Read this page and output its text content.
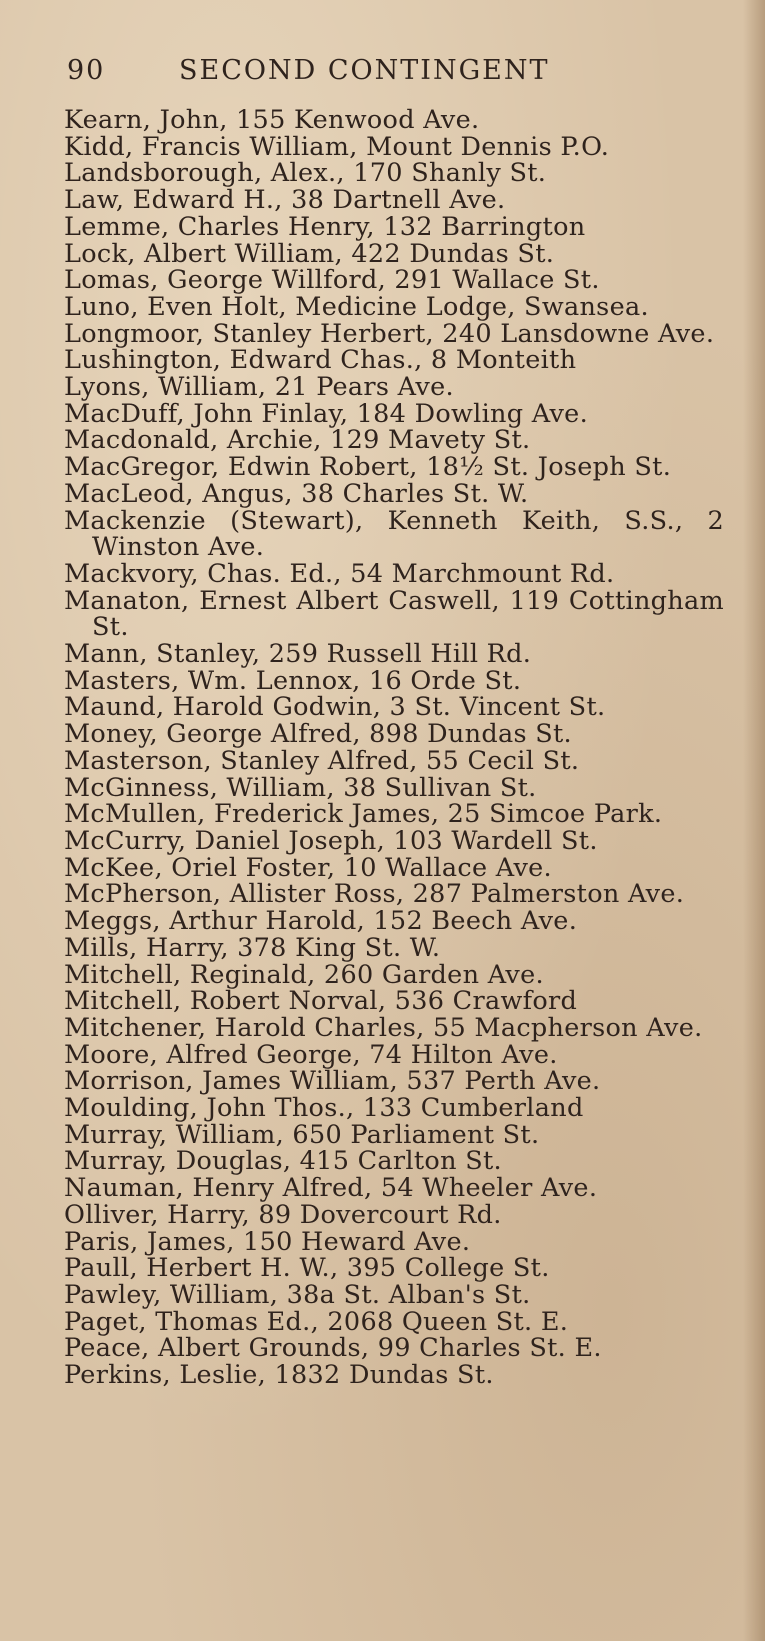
90	SECOND CONTINGENT
Kearn, John, 155 Kenwood Ave.
Kidd, Francis William, Mount Dennis P.O.
Landsborough, Alex., 170 Shanly St.
Law, Edward H., 38 Dartnell Ave.
Lemme, Charles Henry, 132 Barrington
Lock, Albert William, 422 Dundas St.
Lomas, George Willford, 291 Wallace St.
Luno, Even Holt, Medicine Lodge, Swansea.
Longmoor, Stanley Herbert, 240 Lansdowne Ave.
Lushington, Edward Chas., 8 Monteith
Lyons, William, 21 Pears Ave.
MacDuff, John Finlay, 184 Dowling Ave.
Macdonald, Archie, 129 Mavety St.
MacGregor, Edwin Robert, 18½ St. Joseph St.
MacLeod, Angus, 38 Charles St. W.
Mackenzie (Stewart), Kenneth Keith, S.S., 2 Winston Ave.
Mackvory, Chas. Ed., 54 Marchmount Rd.
Manaton, Ernest Albert Caswell, 119 Cottingham St.
Mann, Stanley, 259 Russell Hill Rd.
Masters, Wm. Lennox, 16 Orde St.
Maund, Harold Godwin, 3 St. Vincent St.
Money, George Alfred, 898 Dundas St.
Masterson, Stanley Alfred, 55 Cecil St.
McGinness, William, 38 Sullivan St.
McMullen, Frederick James, 25 Simcoe Park.
McCurry, Daniel Joseph, 103 Wardell St.
McKee, Oriel Foster, 10 Wallace Ave.
McPherson, Allister Ross, 287 Palmerston Ave.
Meggs, Arthur Harold, 152 Beech Ave.
Mills, Harry, 378 King St. W.
Mitchell, Reginald, 260 Garden Ave.
Mitchell, Robert Norval, 536 Crawford
Mitchener, Harold Charles, 55 Macpherson Ave.
Moore, Alfred George, 74 Hilton Ave.
Morrison, James William, 537 Perth Ave.
Moulding, John Thos., 133 Cumberland
Murray, William, 650 Parliament St.
Murray, Douglas, 415 Carlton St.
Nauman, Henry Alfred, 54 Wheeler Ave.
Olliver, Harry, 89 Dovercourt Rd.
Paris, James, 150 Heward Ave.
Paull, Herbert H. W., 395 College St.
Pawley, William, 38a St. Alban's St.
Paget, Thomas Ed., 2068 Queen St. E.
Peace, Albert Grounds, 99 Charles St. E.
Perkins, Leslie, 1832 Dundas St.
